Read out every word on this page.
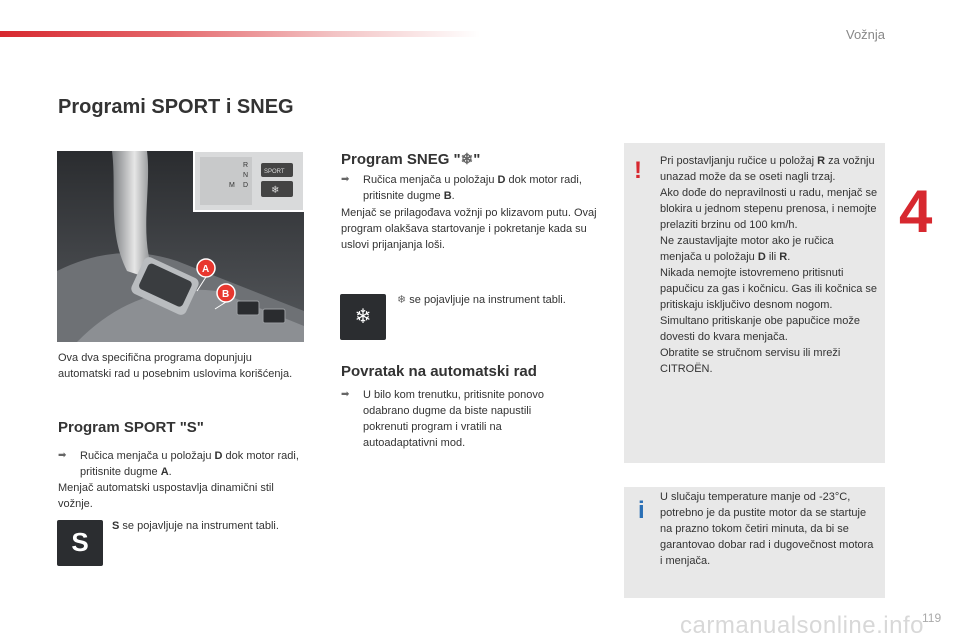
Vožnja
4
Programi SPORT i SNEG
R
N
D
M
SPORT
❄
A
B
Ova dva specifična programa dopunjuju automatski rad u posebnim uslovima korišćenja.
Program SPORT "S"
➡ Ručica menjača u položaju D dok motor radi, pritisnite dugme A.
Menjač automatski uspostavlja dinamični stil vožnje.
S
S se pojavljuje na instrument tabli.
Program SNEG "❄"
➡ Ručica menjača u položaju D dok motor radi, pritisnite dugme B.
Menjač se prilagođava vožnji po klizavom putu. Ovaj program olakšava startovanje i pokretanje kada su uslovi prijanjanja loši.
❄
❄ se pojavljuje na instrument tabli.
Povratak na automatski rad
➡ U bilo kom trenutku, pritisnite ponovo odabrano dugme da biste napustili pokrenuti program i vratili na autoadaptativni mod.
! Pri postavljanju ručice u položaj R za vožnju unazad može da se oseti nagli trzaj.
Ako dođe do nepravilnosti u radu, menjač se blokira u jednom stepenu prenosa, i nemojte prelaziti brzinu od 100 km/h.
Ne zaustavljajte motor ako je ručica menjača u položaju D ili R.
Nikada nemojte istovremeno pritisnuti papučicu za gas i kočnicu. Gas ili kočnica se pritiskaju isključivo desnom nogom. Simultano pritiskanje obe papučice može dovesti do kvara menjača.
Obratite se stručnom servisu ili mreži CITROËN.
i U slučaju temperature manje od -23°C, potrebno je da pustite motor da se startuje na prazno tokom četiri minuta, da bi se garantovao dobar rad i dugovečnost motora i menjača.
carmanualsonline.info
119
